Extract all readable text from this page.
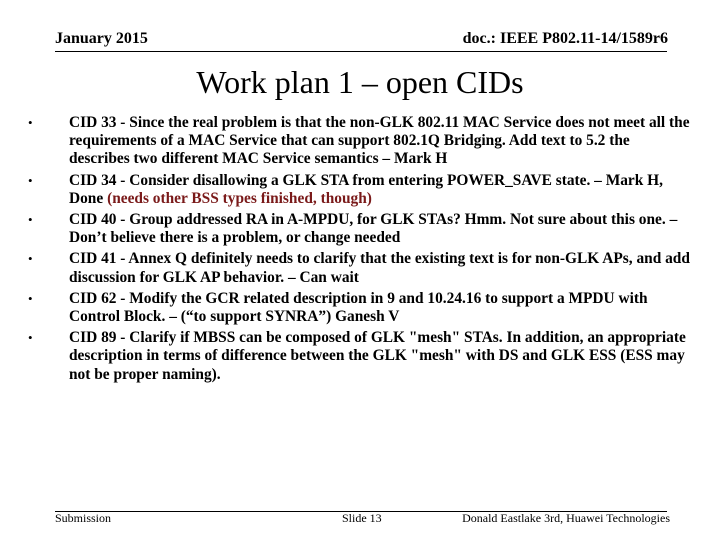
January 2015	doc.: IEEE P802.11-14/1589r6
Work plan 1 – open CIDs
• CID 33 - Since the real problem is that the non-GLK 802.11 MAC Service does not meet all the requirements of a MAC Service that can support 802.1Q Bridging. Add text to 5.2 the describes two different MAC Service semantics – Mark H
• CID 34 - Consider disallowing a GLK STA from entering POWER_SAVE state. – Mark H, Done (needs other BSS types finished, though)
• CID 40 - Group addressed RA in A-MPDU, for GLK STAs? Hmm. Not sure about this one. – Don’t believe there is a problem, or change needed
• CID 41 - Annex Q definitely needs to clarify that the existing text is for non-GLK APs, and add discussion for GLK AP behavior. – Can wait
• CID 62 - Modify the GCR related description in 9 and 10.24.16 to support a MPDU with Control Block. – (“to support SYNRA”) Ganesh V
• CID 89 - Clarify if MBSS can be composed of GLK "mesh" STAs. In addition, an appropriate description in terms of difference between the GLK "mesh" with DS and GLK ESS (ESS may not be proper naming).
Submission	Slide 13	Donald Eastlake 3rd, Huawei Technologies
